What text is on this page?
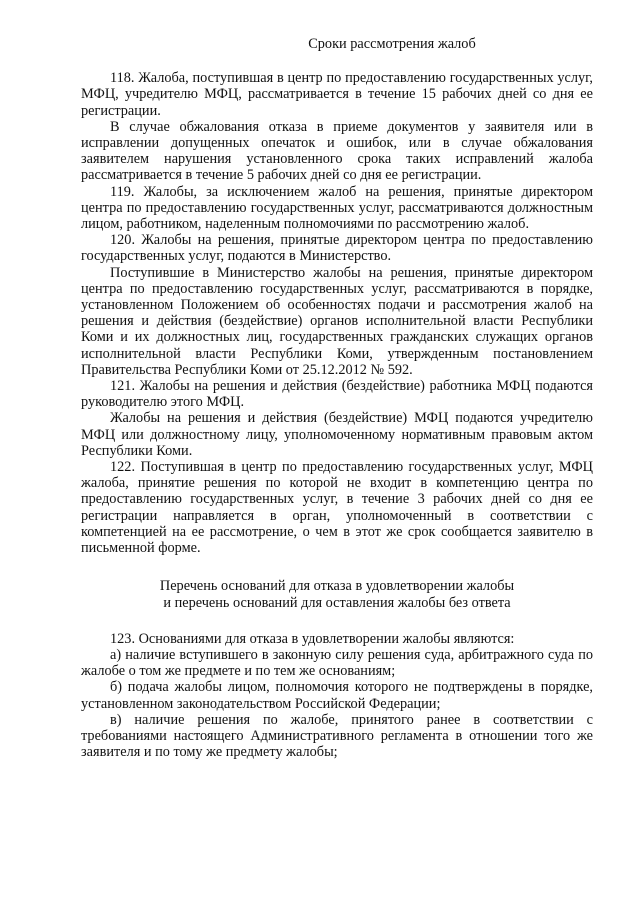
Сроки рассмотрения жалоб

118. Жалоба, поступившая в центр по предоставлению государственных услуг, МФЦ, учредителю МФЦ, рассматривается в течение 15 рабочих дней со дня ее регистрации.

В случае обжалования отказа в приеме документов у заявителя или в исправлении допущенных опечаток и ошибок, или в случае обжалования заявителем нарушения установленного срока таких исправлений жалоба рассматривается в течение 5 рабочих дней со дня ее регистрации.

119. Жалобы, за исключением жалоб на решения, принятые директором центра по предоставлению государственных услуг, рассматриваются должностным лицом, работником, наделенным полномочиями по рассмотрению жалоб.

120. Жалобы на решения, принятые директором центра по предоставлению государственных услуг, подаются в Министерство.

Поступившие в Министерство жалобы на решения, принятые директором центра по предоставлению государственных услуг, рассматриваются в порядке, установленном Положением об особенностях подачи и рассмотрения жалоб на решения и действия (бездействие) органов исполнительной власти Республики Коми и их должностных лиц, государственных гражданских служащих органов исполнительной власти Республики Коми, утвержденным постановлением Правительства Республики Коми от 25.12.2012 № 592.

121. Жалобы на решения и действия (бездействие) работника МФЦ подаются руководителю этого МФЦ.

Жалобы на решения и действия (бездействие) МФЦ подаются учредителю МФЦ или должностному лицу, уполномоченному нормативным правовым актом Республики Коми.

122. Поступившая в центр по предоставлению государственных услуг, МФЦ жалоба, принятие решения по которой не входит в компетенцию центра по предоставлению государственных услуг, в течение 3 рабочих дней со дня ее регистрации направляется в орган, уполномоченный в соответствии с компетенцией на ее рассмотрение, о чем в этот же срок сообщается заявителю в письменной форме.

Перечень оснований для отказа в удовлетворении жалобы
и перечень оснований для оставления жалобы без ответа

123. Основаниями для отказа в удовлетворении жалобы являются:

а) наличие вступившего в законную силу решения суда, арбитражного суда по жалобе о том же предмете и по тем же основаниям;

б) подача жалобы лицом, полномочия которого не подтверждены в порядке, установленном законодательством Российской Федерации;

в) наличие решения по жалобе, принятого ранее в соответствии с требованиями настоящего Административного регламента в отношении того же заявителя и по тому же предмету жалобы;
